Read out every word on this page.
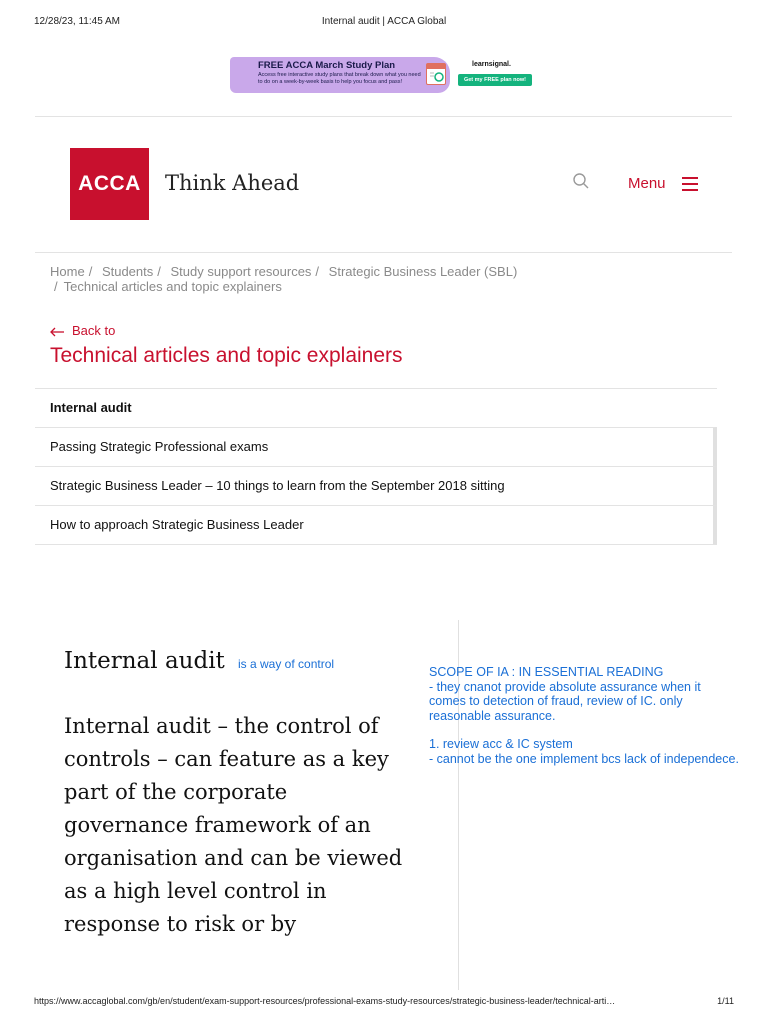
Internal audit | ACCA Global
12/28/23, 11:45 AM
FREE ACCA March Study Plan
Access free interactive study plans that break down what you need to do on a week-by-week basis to help you focus and pass!
learnsignal.
Get my FREE plan now!
ACCA	Think Ahead	Menu
Home / Students / Study support resources / Strategic Business Leader (SBL)
/ Technical articles and topic explainers
Back to
Technical articles and topic explainers
Internal audit
Passing Strategic Professional exams
Strategic Business Leader – 10 things to learn from the September 2018 sitting
How to approach Strategic Business Leader
Internal audit is a way of control
Internal audit – the control of controls – can feature as a key part of the corporate governance framework of an organisation and can be viewed as a high level control in response to risk or by
SCOPE OF IA : IN ESSENTIAL READING
- they cnanot provide absolute assurance when it comes to detection of fraud, review of IC. only reasonable assurance.
1. review acc & IC system
- cannot be the one implement bcs lack of independece.
https://www.accaglobal.com/gb/en/student/exam-support-resources/professional-exams-study-resources/strategic-business-leader/technical-arti…	1/11
